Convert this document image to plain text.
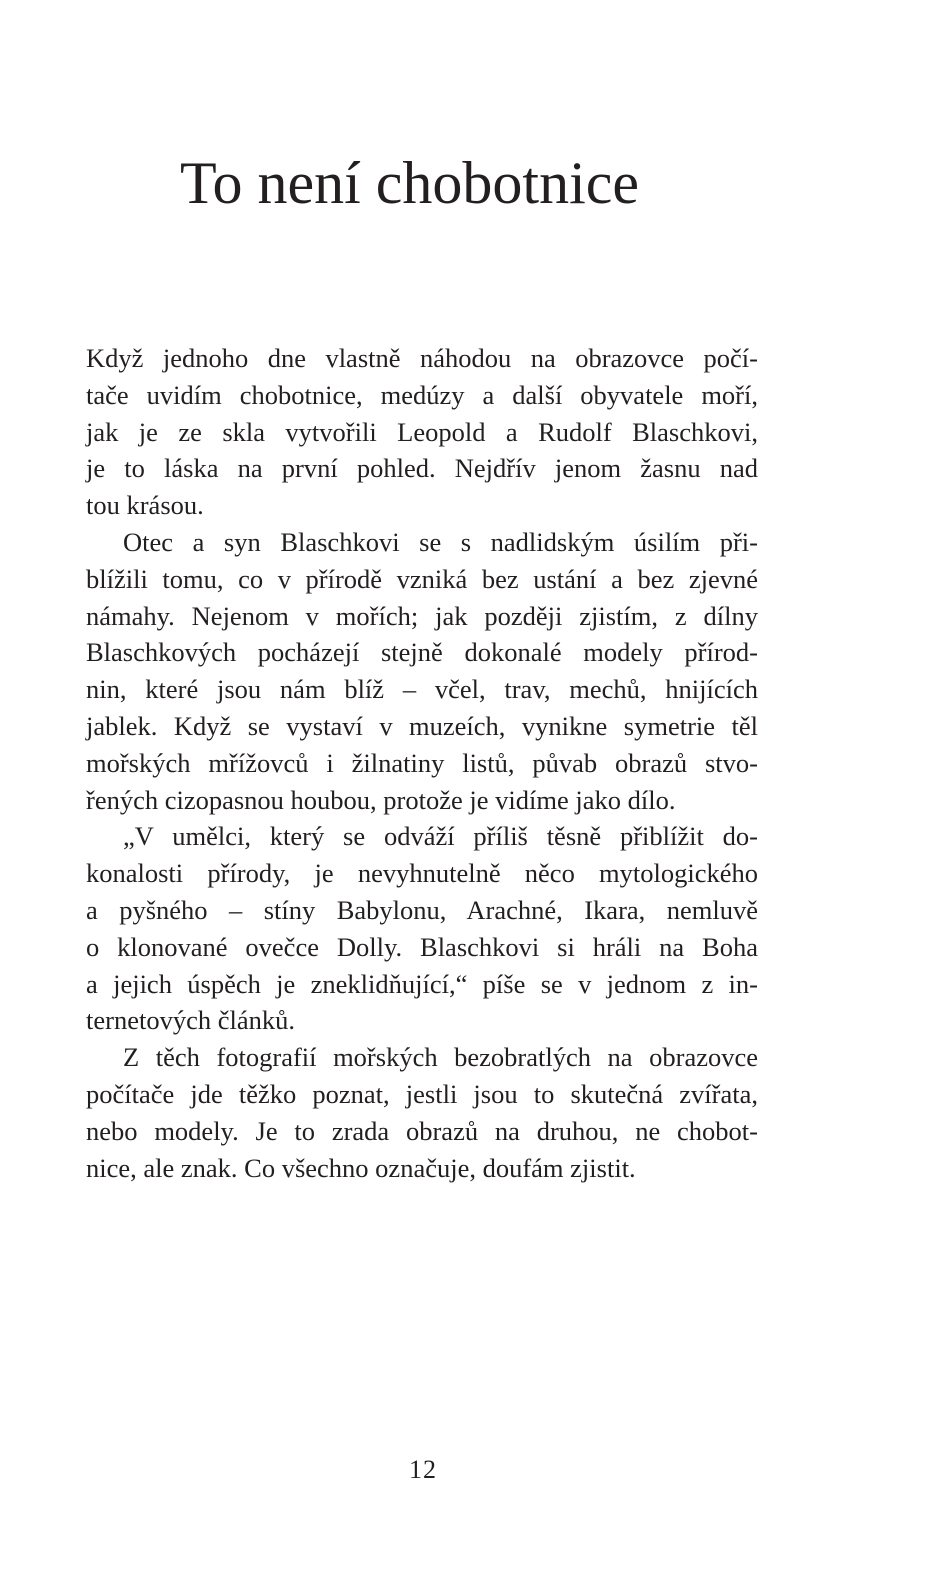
To není chobotnice
Když jednoho dne vlastně náhodou na obrazovce počí-
tače uvidím chobotnice, medúzy a další obyvatele moří,
jak je ze skla vytvořili Leopold a Rudolf Blaschkovi,
je to láska na první pohled. Nejdřív jenom žasnu nad
tou krásou.
Otec a syn Blaschkovi se s nadlidským úsilím při-
blížili tomu, co v přírodě vzniká bez ustání a bez zjevné
námahy. Nejenom v mořích; jak později zjistím, z dílny
Blaschkových pocházejí stejně dokonalé modely přírod-
nin, které jsou nám blíž – včel, trav, mechů, hnijících
jablek. Když se vystaví v muzeích, vynikne symetrie těl
mořských mřížovců i žilnatiny listů, půvab obrazů stvo-
řených cizopasnou houbou, protože je vidíme jako dílo.
„V umělci, který se odváží příliš těsně přiblížit do-
konalosti přírody, je nevyhnutelně něco mytologického
a pyšného – stíny Babylonu, Arachné, Ikara, nemluvě
o klonované ovečce Dolly. Blaschkovi si hráli na Boha
a jejich úspěch je zneklidňující,“ píše se v jednom z in-
ternetových článků.
Z těch fotografií mořských bezobratlých na obrazovce
počítače jde těžko poznat, jestli jsou to skutečná zvířata,
nebo modely. Je to zrada obrazů na druhou, ne chobot-
nice, ale znak. Co všechno označuje, doufám zjistit.
12
